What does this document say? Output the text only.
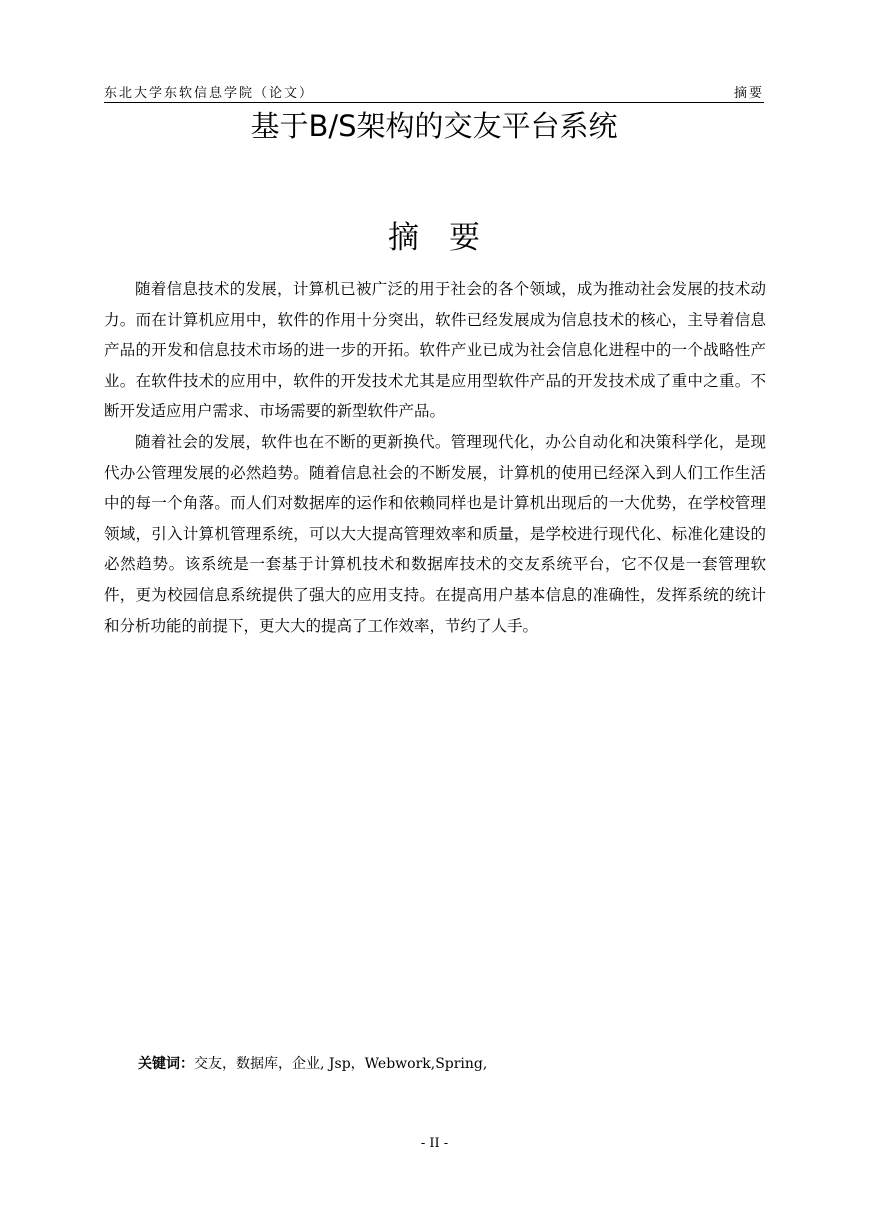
东北大学东软信息学院（论文）	摘要
基于B/S架构的交友平台系统
摘要

随着信息技术的发展，计算机已被广泛的用于社会的各个领域，成为推动社会发展的技术动力。而在计算机应用中，软件的作用十分突出，软件已经发展成为信息技术的核心，主导着信息产品的开发和信息技术市场的进一步的开拓。软件产业已成为社会信息化进程中的一个战略性产业。在软件技术的应用中，软件的开发技术尤其是应用型软件产品的开发技术成了重中之重。不断开发适应用户需求、市场需要的新型软件产品。

随着社会的发展，软件也在不断的更新换代。管理现代化，办公自动化和决策科学化，是现代办公管理发展的必然趋势。随着信息社会的不断发展，计算机的使用已经深入到人们工作生活中的每一个角落。而人们对数据库的运作和依赖同样也是计算机出现后的一大优势，在学校管理领域，引入计算机管理系统，可以大大提高管理效率和质量，是学校进行现代化、标准化建设的必然趋势。该系统是一套基于计算机技术和数据库技术的交友系统平台，它不仅是一套管理软件，更为校园信息系统提供了强大的应用支持。在提高用户基本信息的准确性，发挥系统的统计和分析功能的前提下，更大大的提高了工作效率，节约了人手。

关键词：交友，数据库，企业, Jsp，Webwork,Spring,
- II -
